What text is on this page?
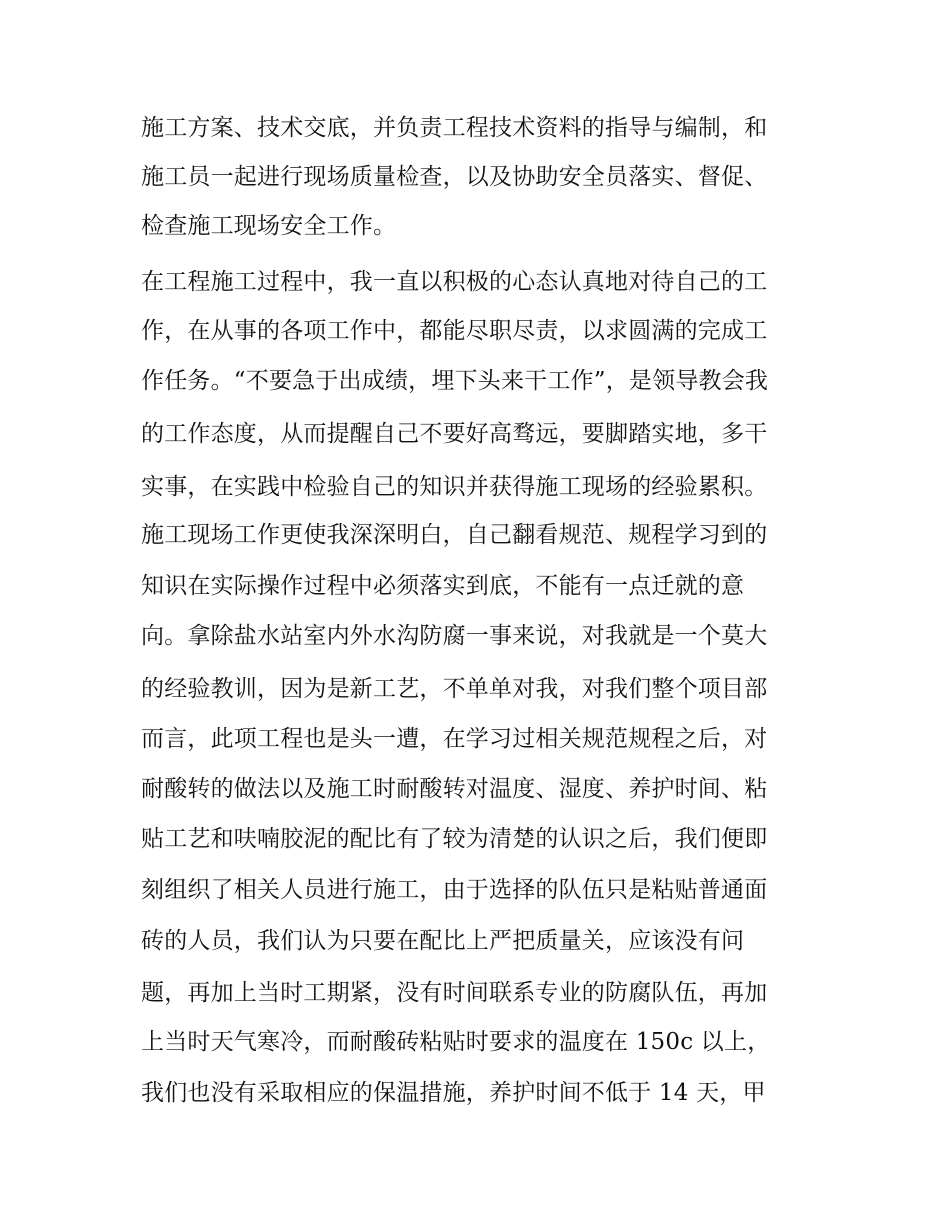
施工方案、技术交底，并负责工程技术资料的指导与编制，和
施工员一起进行现场质量检查，以及协助安全员落实、督促、
检查施工现场安全工作。
在工程施工过程中，我一直以积极的心态认真地对待自己的工
作，在从事的各项工作中，都能尽职尽责，以求圆满的完成工
作任务。“不要急于出成绩，埋下头来干工作”，是领导教会我
的工作态度，从而提醒自己不要好高骛远，要脚踏实地，多干
实事，在实践中检验自己的知识并获得施工现场的经验累积。
施工现场工作更使我深深明白，自己翻看规范、规程学习到的
知识在实际操作过程中必须落实到底，不能有一点迁就的意
向。拿除盐水站室内外水沟防腐一事来说，对我就是一个莫大
的经验教训，因为是新工艺，不单单对我，对我们整个项目部
而言，此项工程也是头一遭，在学习过相关规范规程之后，对
耐酸转的做法以及施工时耐酸转对温度、湿度、养护时间、粘
贴工艺和呋喃胶泥的配比有了较为清楚的认识之后，我们便即
刻组织了相关人员进行施工，由于选择的队伍只是粘贴普通面
砖的人员，我们认为只要在配比上严把质量关，应该没有问
题，再加上当时工期紧，没有时间联系专业的防腐队伍，再加
上当时天气寒冷，而耐酸砖粘贴时要求的温度在 150c 以上，
我们也没有采取相应的保温措施，养护时间不低于 14 天，甲
